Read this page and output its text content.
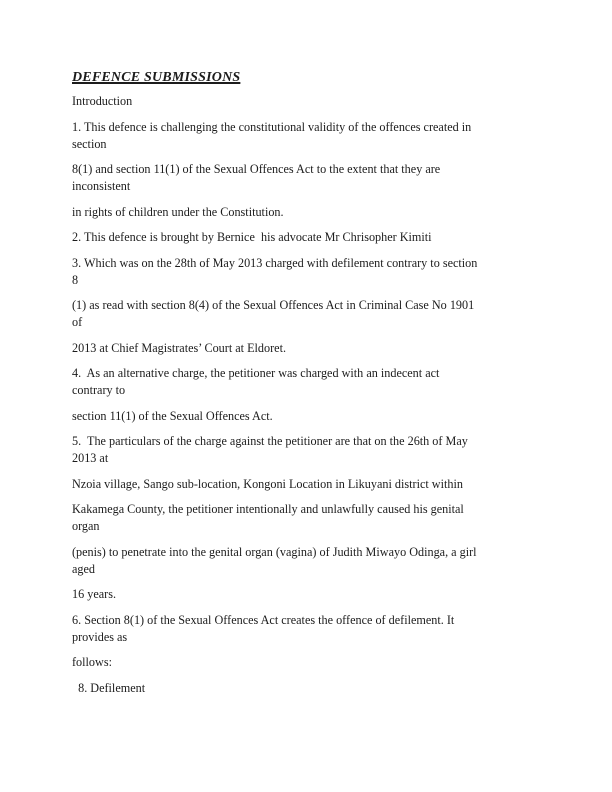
DEFENCE SUBMISSIONS

Introduction

1. This defence is challenging the constitutional validity of the offences created in
section

8(1) and section 11(1) of the Sexual Offences Act to the extent that they are
inconsistent

in rights of children under the Constitution.

2. This defence is brought by Bernice  his advocate Mr Chrisopher Kimiti

3. Which was on the 28th of May 2013 charged with defilement contrary to section
8

(1) as read with section 8(4) of the Sexual Offences Act in Criminal Case No 1901
of

2013 at Chief Magistrates’ Court at Eldoret.

4.  As an alternative charge, the petitioner was charged with an indecent act
contrary to

section 11(1) of the Sexual Offences Act.

5.  The particulars of the charge against the petitioner are that on the 26th of May
2013 at

Nzoia village, Sango sub-location, Kongoni Location in Likuyani district within

Kakamega County, the petitioner intentionally and unlawfully caused his genital
organ

(penis) to penetrate into the genital organ (vagina) of Judith Miwayo Odinga, a girl
aged

16 years.

6. Section 8(1) of the Sexual Offences Act creates the offence of defilement. It
provides as

follows:

8. Defilement
